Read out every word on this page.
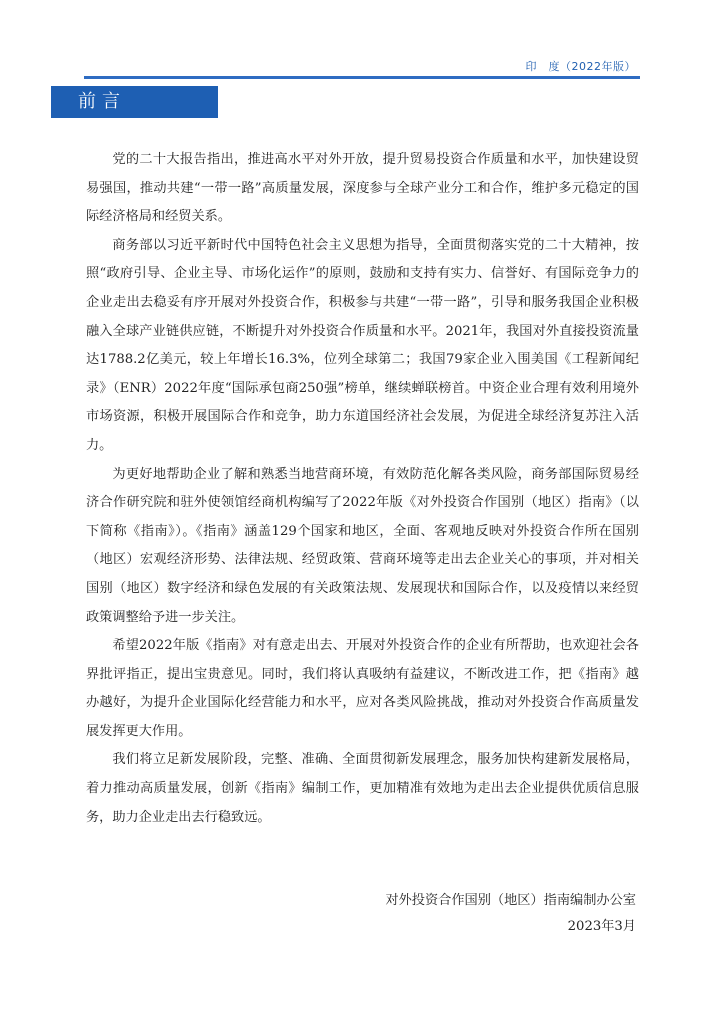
印　度（2022年版）
前言

党的二十大报告指出，推进高水平对外开放，提升贸易投资合作质量和水平，加快建设贸易强国，推动共建“一带一路”高质量发展，深度参与全球产业分工和合作，维护多元稳定的国际经济格局和经贸关系。

商务部以习近平新时代中国特色社会主义思想为指导，全面贯彻落实党的二十大精神，按照“政府引导、企业主导、市场化运作”的原则，鼓励和支持有实力、信誉好、有国际竞争力的企业走出去稳妥有序开展对外投资合作，积极参与共建“一带一路”，引导和服务我国企业积极融入全球产业链供应链，不断提升对外投资合作质量和水平。2021年，我国对外直接投资流量达1788.2亿美元，较上年增长16.3%，位列全球第二；我国79家企业入围美国《工程新闻纪录》（ENR）2022年度“国际承包商250强”榜单，继续蝉联榜首。中资企业合理有效利用境外市场资源，积极开展国际合作和竞争，助力东道国经济社会发展，为促进全球经济复苏注入活力。

为更好地帮助企业了解和熟悉当地营商环境，有效防范化解各类风险，商务部国际贸易经济合作研究院和驻外使领馆经商机构编写了2022年版《对外投资合作国别（地区）指南》（以下简称《指南》）。《指南》涵盖129个国家和地区，全面、客观地反映对外投资合作所在国别（地区）宏观经济形势、法律法规、经贸政策、营商环境等走出去企业关心的事项，并对相关国别（地区）数字经济和绿色发展的有关政策法规、发展现状和国际合作，以及疫情以来经贸政策调整给予进一步关注。

希望2022年版《指南》对有意走出去、开展对外投资合作的企业有所帮助，也欢迎社会各界批评指正，提出宝贵意见。同时，我们将认真吸纳有益建议，不断改进工作，把《指南》越办越好，为提升企业国际化经营能力和水平，应对各类风险挑战，推动对外投资合作高质量发展发挥更大作用。

我们将立足新发展阶段，完整、准确、全面贯彻新发展理念，服务加快构建新发展格局，着力推动高质量发展，创新《指南》编制工作，更加精准有效地为走出去企业提供优质信息服务，助力企业走出去行稳致远。

对外投资合作国别（地区）指南编制办公室
2023年3月
